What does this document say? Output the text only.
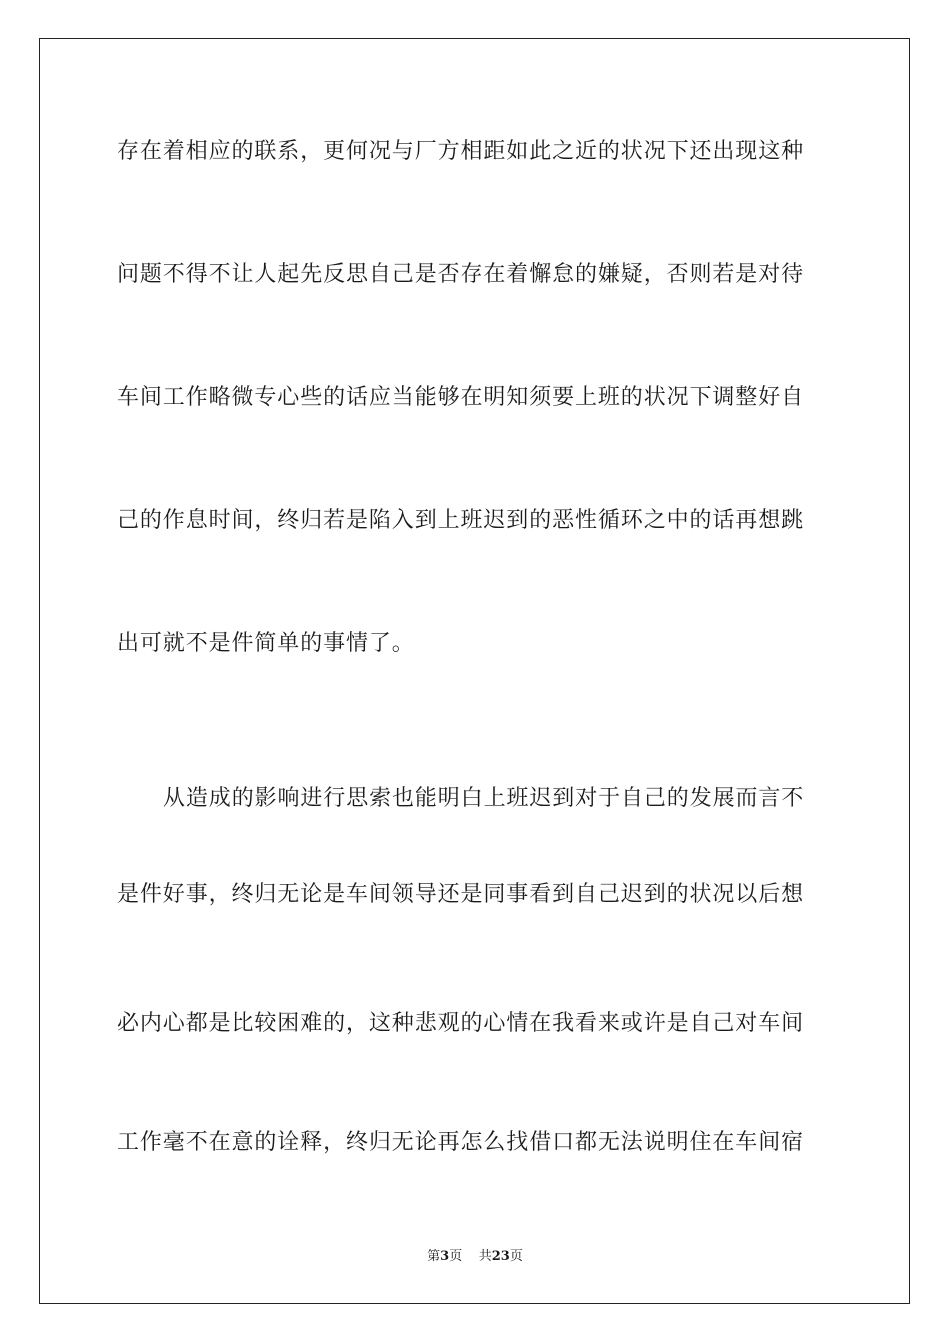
存在着相应的联系，更何况与厂方相距如此之近的状况下还出现这种
问题不得不让人起先反思自己是否存在着懈怠的嫌疑，否则若是对待
车间工作略微专心些的话应当能够在明知须要上班的状况下调整好自
己的作息时间，终归若是陷入到上班迟到的恶性循环之中的话再想跳
出可就不是件简单的事情了。
从造成的影响进行思索也能明白上班迟到对于自己的发展而言不
是件好事，终归无论是车间领导还是同事看到自己迟到的状况以后想
必内心都是比较困难的，这种悲观的心情在我看来或许是自己对车间
工作毫不在意的诠释，终归无论再怎么找借口都无法说明住在车间宿
第3页 共23页
